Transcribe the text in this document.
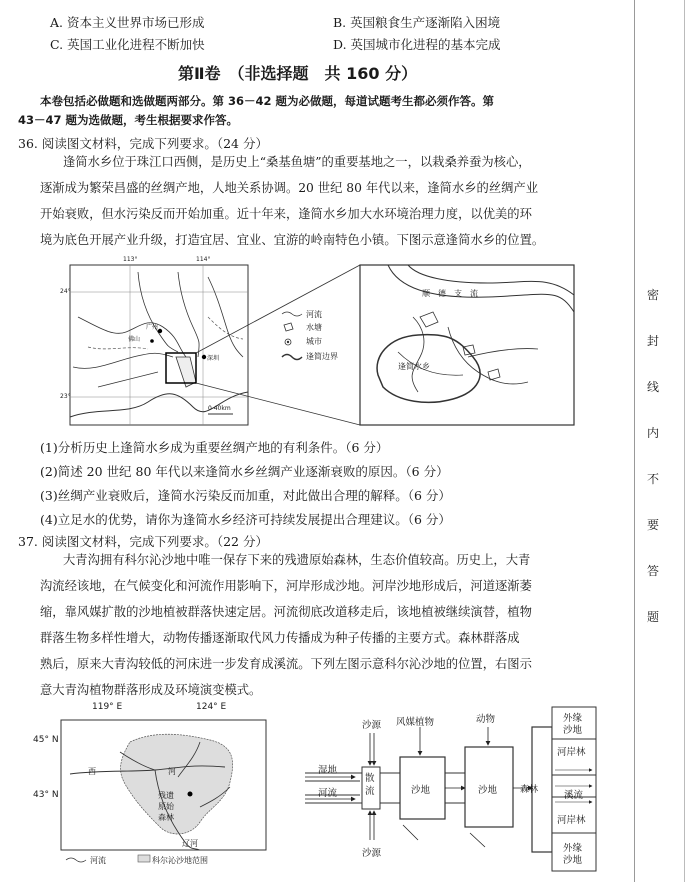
密
封
线
内
不
要
答
题
A. 资本主义世界市场已形成	B. 英国粮食生产逐渐陷入困境
C. 英国工业化进程不断加快	D. 英国城市化进程的基本完成
第Ⅱ卷　（非选择题　共 160 分）
本卷包括必做题和选做题两部分。第 36－42 题为必做题，每道试题考生都必须作答。第
43－47 题为选做题，考生根据要求作答。
36. 阅读图文材料，完成下列要求。（24 分）
逢简水乡位于珠江口西侧，是历史上“桑基鱼塘”的重要基地之一，以栽桑养蚕为核心，
逐渐成为繁荣昌盛的丝绸产地，人地关系协调。20 世纪 80 年代以来，逢简水乡的丝绸产业
开始衰败，但水污染反而开始加重。近十年来，逢简水乡加大水环境治理力度，以优美的环
境为底色开展产业升级，打造宜居、宜业、宜游的岭南特色小镇。下图示意逢简水乡的位置。
113°	114°
24°
23°
广州
深圳
佛山
0 40km
河流
水塘
城市
逢简边界
顺　德　支　流
逢简水乡
(1)分析历史上逢简水乡成为重要丝绸产地的有利条件。（6 分）
(2)简述 20 世纪 80 年代以来逢简水乡丝绸产业逐渐衰败的原因。（6 分）
(3)丝绸产业衰败后，逢简水污染反而加重，对此做出合理的解释。（6 分）
(4)立足水的优势，请你为逢简水乡经济可持续发展提出合理建议。（6 分）
37. 阅读图文材料，完成下列要求。（22 分）
大青沟拥有科尔沁沙地中唯一保存下来的残遗原始森林，生态价值较高。历史上，大青
沟流经该地，在气候变化和河流作用影响下，河岸形成沙地。河岸沙地形成后，河道逐渐萎
缩，靠风媒扩散的沙地植被群落快速定居。河流彻底改道移走后，该地植被继续演替，植物
群落生物多样性增大，动物传播逐渐取代风力传播成为种子传播的主要方式。森林群落成
熟后，原来大青沟较低的河床进一步发育成溪流。下列左图示意科尔沁沙地的位置，右图示
意大青沟植物群落形成及环境演变模式。
119° E	124° E
45° N
43° N
西	河
残遗
原始
森林
辽河
河流	科尔沁沙地范围
沙源
沙源
湿地
河流
散
流
风媒植物	动物
沙地	沙地	森林
外缘
沙地
河岸林
溪流
河岸林
外缘
沙地
